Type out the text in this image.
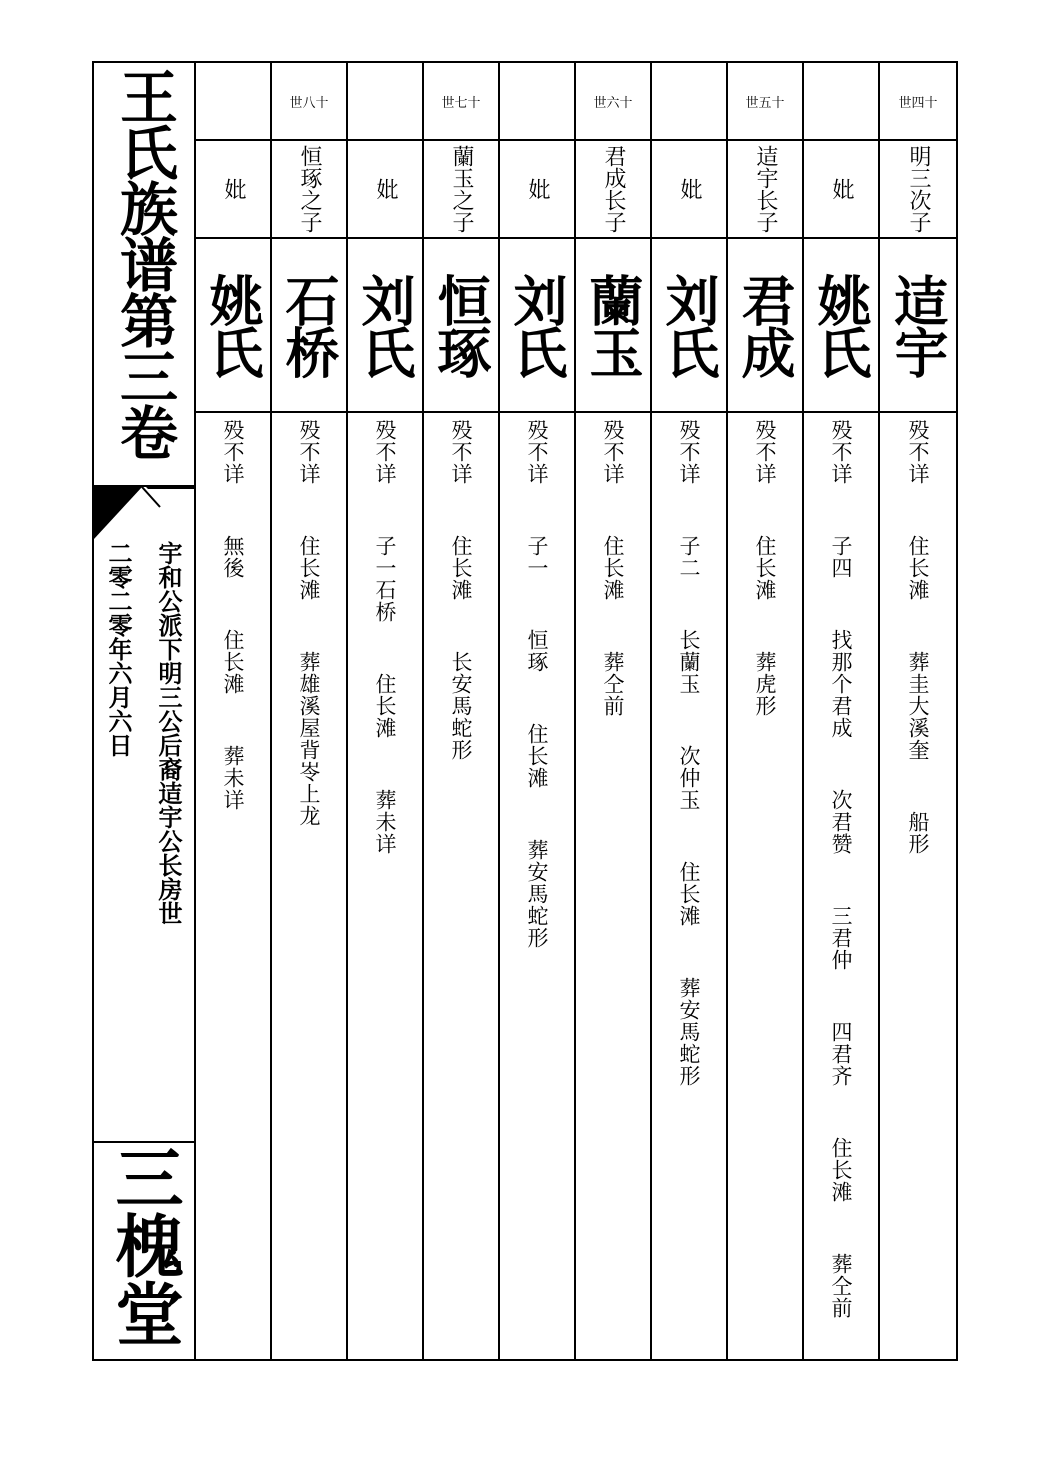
王氏族谱第三卷
宇和公派下明三公后裔迼宇公长房世
二零二零年六月六日
三槐堂
妣
姚氏
殁不详  無後  住长滩  葬未详
世八十
恒琢之子
石桥
殁不详  住长滩  葬雄溪屋背岺上龙
妣
刘氏
殁不详  子一石桥  住长滩  葬未详
世七十
蘭玉之子
恒琢
殁不详  住长滩  长安馬蛇形
妣
刘氏
殁不详  子一  恒琢  住长滩  葬安馬蛇形
世六十
君成长子
蘭玉
殁不详  住长滩  葬仝前
妣
刘氏
殁不详  子二  长蘭玉  次仲玉  住长滩  葬安馬蛇形
世五十
迼宇长子
君成
殁不详  住长滩  葬虎形
妣
姚氏
殁不详  子四  找那个君成  次君赞  三君仲  四君齐  住长滩  葬仝前
世四十
明三次子
迼宇
殁不详  住长滩  葬圭大溪奎  船形
